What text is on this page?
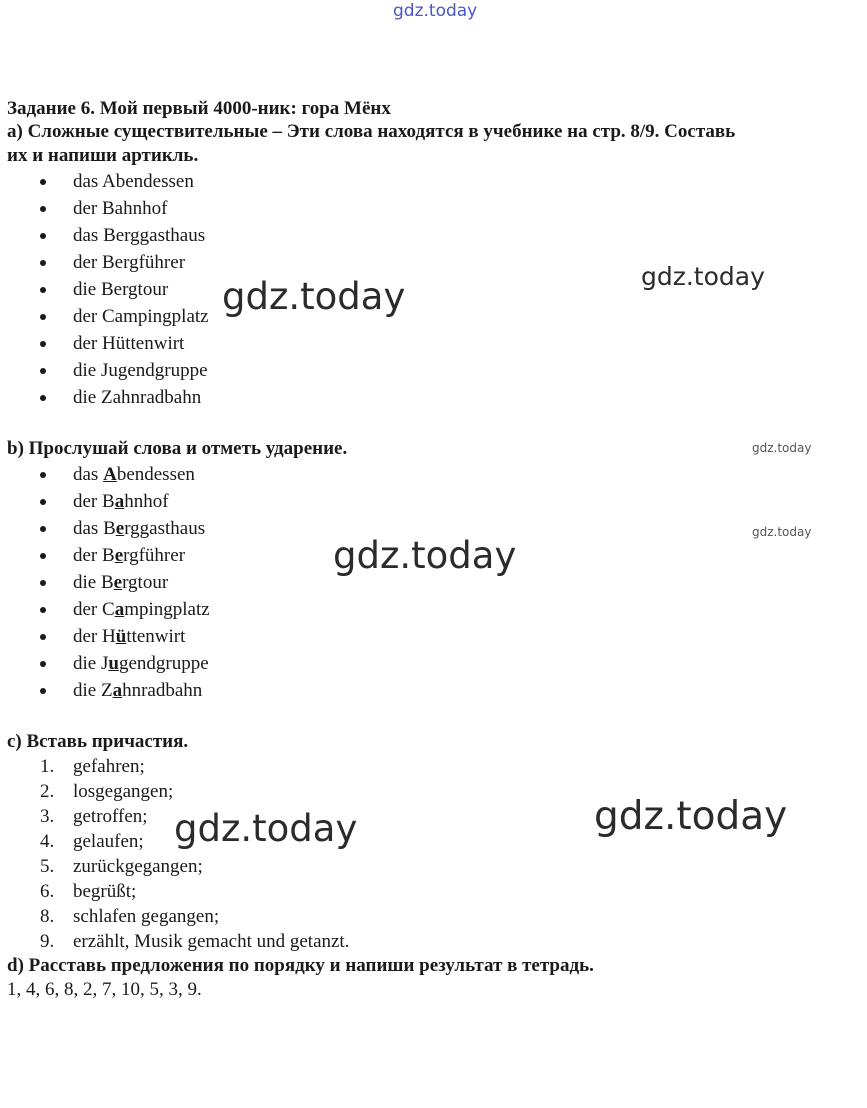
gdz.today
gdz.today	gdz.today
gdz.today
gdz.today
gdz.today
gdz.today	gdz.today

Задание 6. Мой первый 4000-ник: гора Мёнх

а) Сложные существительные – Эти слова находятся в учебнике на стр. 8/9. Составь

их и напиши артикль.

das Abendessen
der Bahnhof
das Berggasthaus
der Bergführer
die Bergtour
der Campingplatz
der Hüttenwirt
die Jugendgruppe
die Zahnradbahn

b) Прослушай слова и отметь ударение.

das Abendessen
der Bahnhof
das Berggasthaus
der Bergführer
die Bergtour
der Campingplatz
der Hüttenwirt
die Jugendgruppe
die Zahnradbahn

c) Вставь причастия.

1. gefahren;
2. losgegangen;
3. getroffen;
4. gelaufen;
5. zurückgegangen;
6. begrüßt;
8. schlafen gegangen;
9. erzählt, Musik gemacht und getanzt.

d) Расставь предложения по порядку и напиши результат в тетрадь.

1, 4, 6, 8, 2, 7, 10, 5, 3, 9.
